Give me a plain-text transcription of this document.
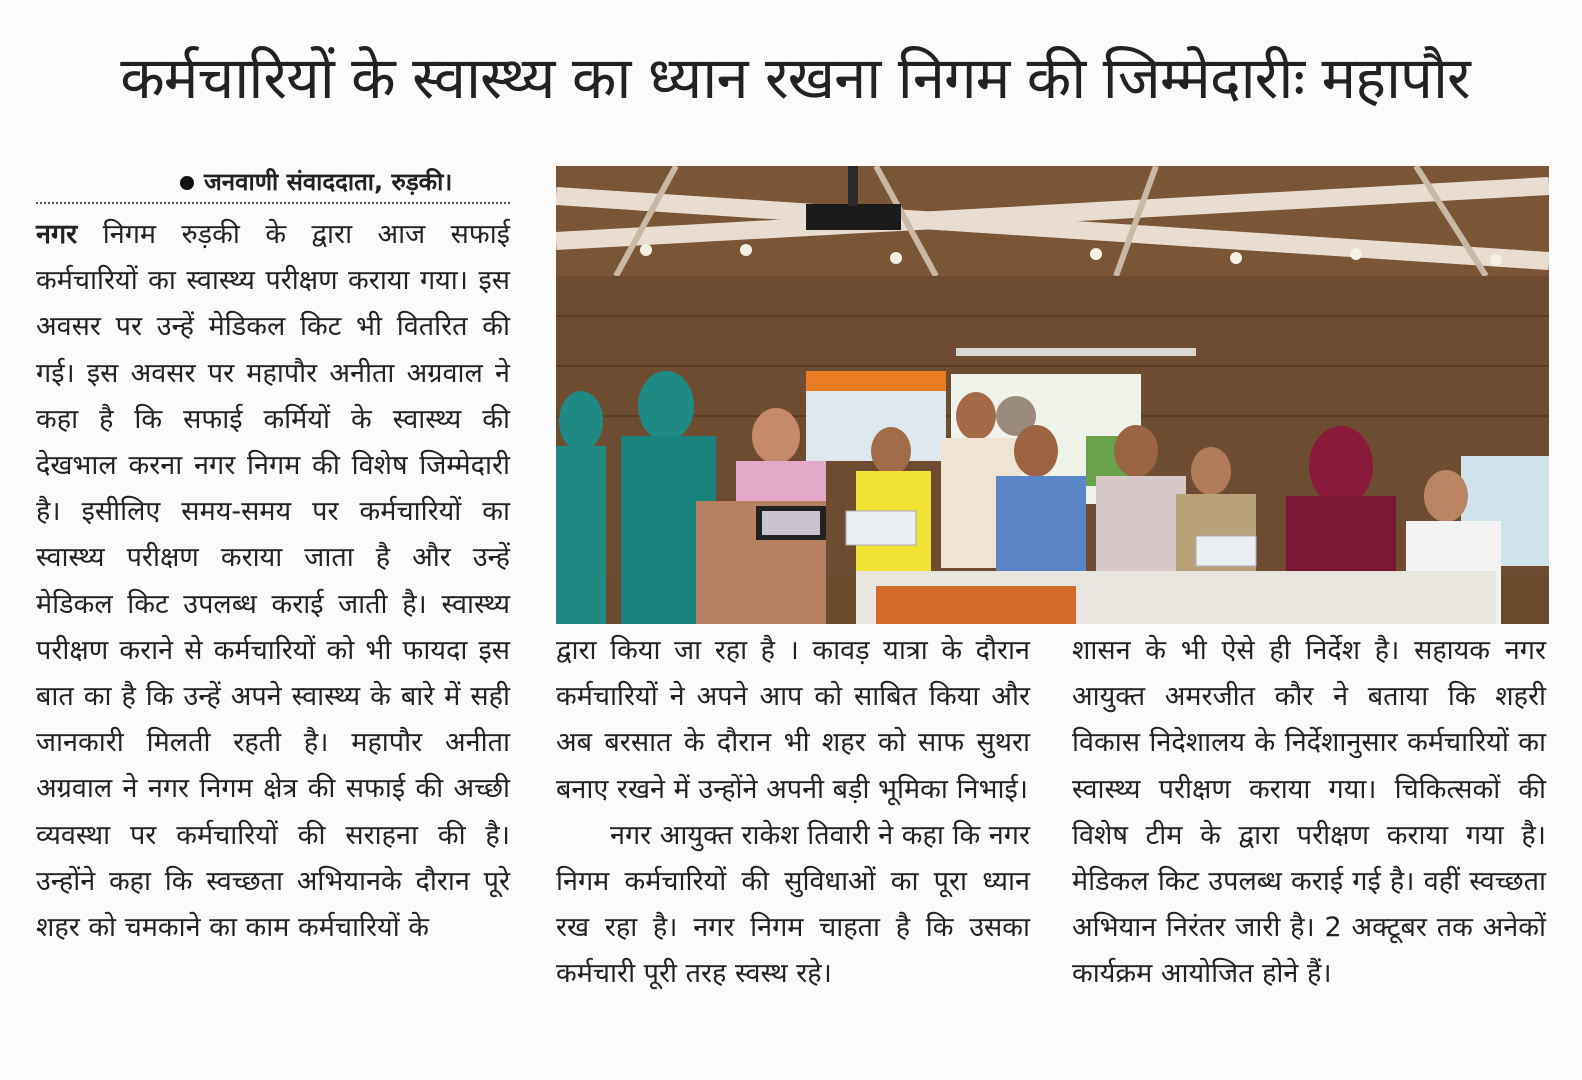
कर्मचारियों के स्वास्थ्य का ध्यान रखना निगम की जिम्मेदारीः महापौर
जनवाणी संवाददाता, रुड़की।

नगर निगम रुड़की के द्वारा आज सफाई कर्मचारियों का स्वास्थ्य परीक्षण कराया गया। इस अवसर पर उन्हें मेडिकल किट भी वितरित की गई। इस अवसर पर महापौर अनीता अग्रवाल ने कहा है कि सफाई कर्मियों के स्वास्थ्य की देखभाल करना नगर निगम की विशेष जिम्मेदारी है। इसीलिए समय-समय पर कर्मचारियों का स्वास्थ्य परीक्षण कराया जाता है और उन्हें मेडिकल किट उपलब्ध कराई जाती है। स्वास्थ्य परीक्षण कराने से कर्मचारियों को भी फायदा इस बात का है कि उन्हें अपने स्वास्थ्य के बारे में सही जानकारी मिलती रहती है। महापौर अनीता अग्रवाल ने नगर निगम क्षेत्र की सफाई की अच्छी व्यवस्था पर कर्मचारियों की सराहना की है। उन्होंने कहा कि स्वच्छता अभियानके दौरान पूरे शहर को चमकाने का काम कर्मचारियों के

द्वारा किया जा रहा है । कावड़ यात्रा के दौरान कर्मचारियों ने अपने आप को साबित किया और अब बरसात के दौरान भी शहर को साफ सुथरा बनाए रखने में उन्होंने अपनी बड़ी भूमिका निभाई।

नगर आयुक्त राकेश तिवारी ने कहा कि नगर निगम कर्मचारियों की सुविधाओं का पूरा ध्यान रख रहा है। नगर निगम चाहता है कि उसका कर्मचारी पूरी तरह स्वस्थ रहे।

शासन के भी ऐसे ही निर्देश है। सहायक नगर आयुक्त अमरजीत कौर ने बताया कि शहरी विकास निदेशालय के निर्देशानुसार कर्मचारियों का स्वास्थ्य परीक्षण कराया गया। चिकित्सकों की विशेष टीम के द्वारा परीक्षण कराया गया है। मेडिकल किट उपलब्ध कराई गई है। वहीं स्वच्छता अभियान निरंतर जारी है। 2 अक्टूबर तक अनेकों कार्यक्रम आयोजित होने हैं।
